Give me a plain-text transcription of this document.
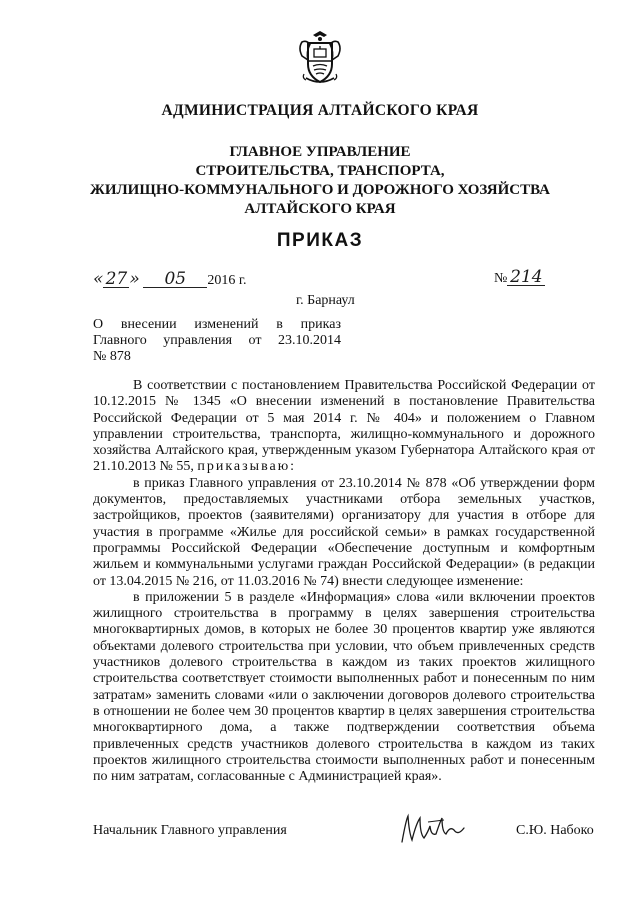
АДМИНИСТРАЦИЯ АЛТАЙСКОГО КРАЯ
ГЛАВНОЕ УПРАВЛЕНИЕ
СТРОИТЕЛЬСТВА, ТРАНСПОРТА,
ЖИЛИЩНО-КОММУНАЛЬНОГО И ДОРОЖНОГО ХОЗЯЙСТВА
АЛТАЙСКОГО КРАЯ
ПРИКАЗ
« 27 » 05 2016 г.	№ 214
г. Барнаул
О внесении изменений в приказ
Главного управления от 23.10.2014
№ 878

В соответствии с постановлением Правительства Российской Федерации от 10.12.2015 № 1345 «О внесении изменений в постановление Правительства Российской Федерации от 5 мая 2014 г. № 404» и положением о Главном управлении строительства, транспорта, жилищно-коммунального и дорожного хозяйства Алтайского края, утвержденным указом Губернатора Алтайского края от 21.10.2013 № 55, приказываю:

в приказ Главного управления от 23.10.2014 № 878 «Об утверждении форм документов, предоставляемых участниками отбора земельных участков, застройщиков, проектов (заявителями) организатору для участия в отборе для участия в программе «Жилье для российской семьи» в рамках государственной программы Российской Федерации «Обеспечение доступным и комфортным жильем и коммунальными услугами граждан Российской Федерации» (в редакции от 13.04.2015 № 216, от 11.03.2016 № 74) внести следующее изменение:

в приложении 5 в разделе «Информация» слова «или включении проектов жилищного строительства в программу в целях завершения строительства многоквартирных домов, в которых не более 30 процентов квартир уже являются объектами долевого строительства при условии, что объем привлеченных средств участников долевого строительства в каждом из таких проектов жилищного строительства соответствует стоимости выполненных работ и понесенным по ним затратам» заменить словами «или о заключении договоров долевого строительства в отношении не более чем 30 процентов квартир в целях завершения строительства многоквартирного дома, а также подтверждении соответствия объема привлеченных средств участников долевого строительства в каждом из таких проектов жилищного строительства стоимости выполненных работ и понесенным по ним затратам, согласованные с Администрацией края».

Начальник Главного управления	С.Ю. Набоко
